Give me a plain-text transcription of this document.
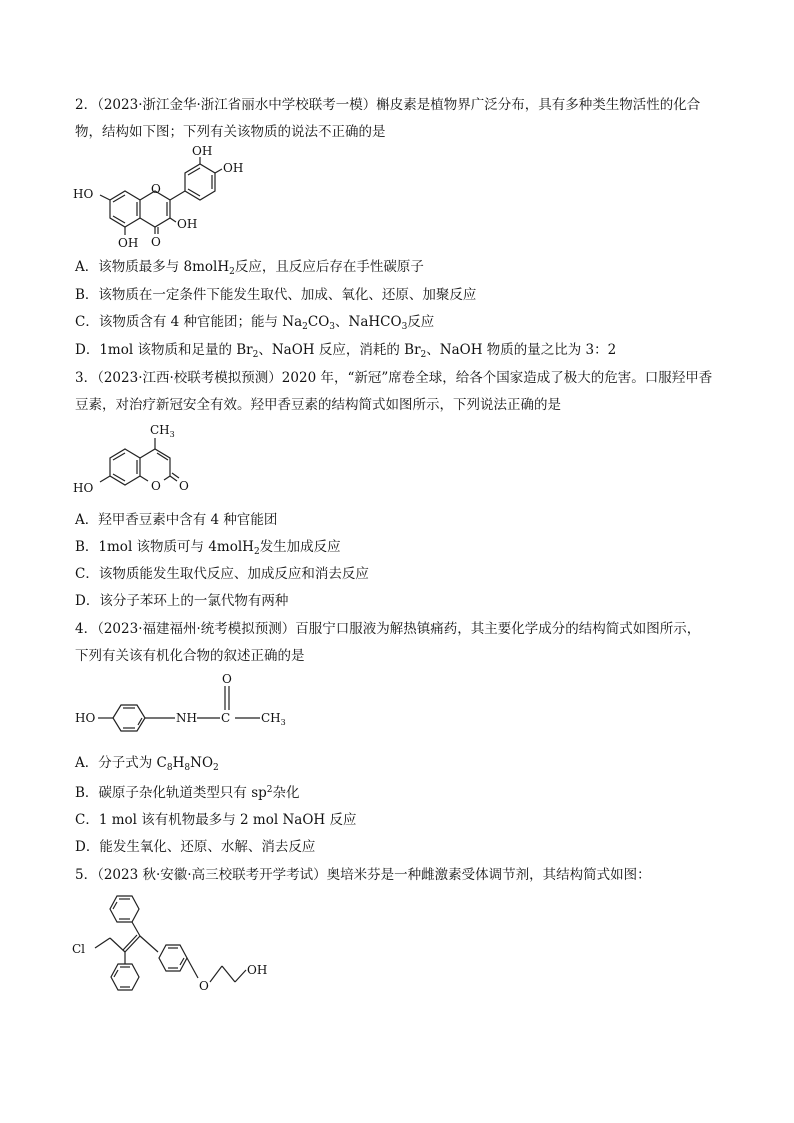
2．（2023·浙江金华·浙江省丽水中学校联考一模）槲皮素是植物界广泛分布，具有多种类生物活性的化合
物，结构如下图；下列有关该物质的说法不正确的是
OH
OH
HO
OH
OH
O
O
A．该物质最多与 8molH$_2$反应，且反应后存在手性碳原子
B．该物质在一定条件下能发生取代、加成、氧化、还原、加聚反应
C．该物质含有 4 种官能团；能与 $Na_2CO_3$、NaHCO$_3$反应
D．1mol 该物质和足量的 $Br_2$、NaOH 反应，消耗的 $Br_2$、NaOH 物质的量之比为 3：2
3．（2023·江西·校联考模拟预测）2020 年，“新冠”席卷全球，给各个国家造成了极大的危害。口服羟甲香
豆素，对治疗新冠安全有效。羟甲香豆素的结构简式如图所示，下列说法正确的是
$CH_3$
HO	O O
A．羟甲香豆素中含有 4 种官能团
B．1mol 该物质可与 4molH$_2$发生加成反应
C．该物质能发生取代反应、加成反应和消去反应
D．该分子苯环上的一氯代物有两种
4．（2023·福建福州·统考模拟预测）百服宁口服液为解热镇痛药，其主要化学成分的结构简式如图所示，
下列有关该有机化合物的叙述正确的是
HO	NH C	$CH_3$
O
A．分子式为 $C_8H_8NO_2$
B．碳原子杂化轨道类型只有 $sp^2$杂化
C．1 mol 该有机物最多与 2 mol NaOH 反应
D．能发生氧化、还原、水解、消去反应
5．（2023 秋·安徽·高三校联考开学考试）奥培米芬是一种雌激素受体调节剂，其结构简式如图：
Cl
O
OH
